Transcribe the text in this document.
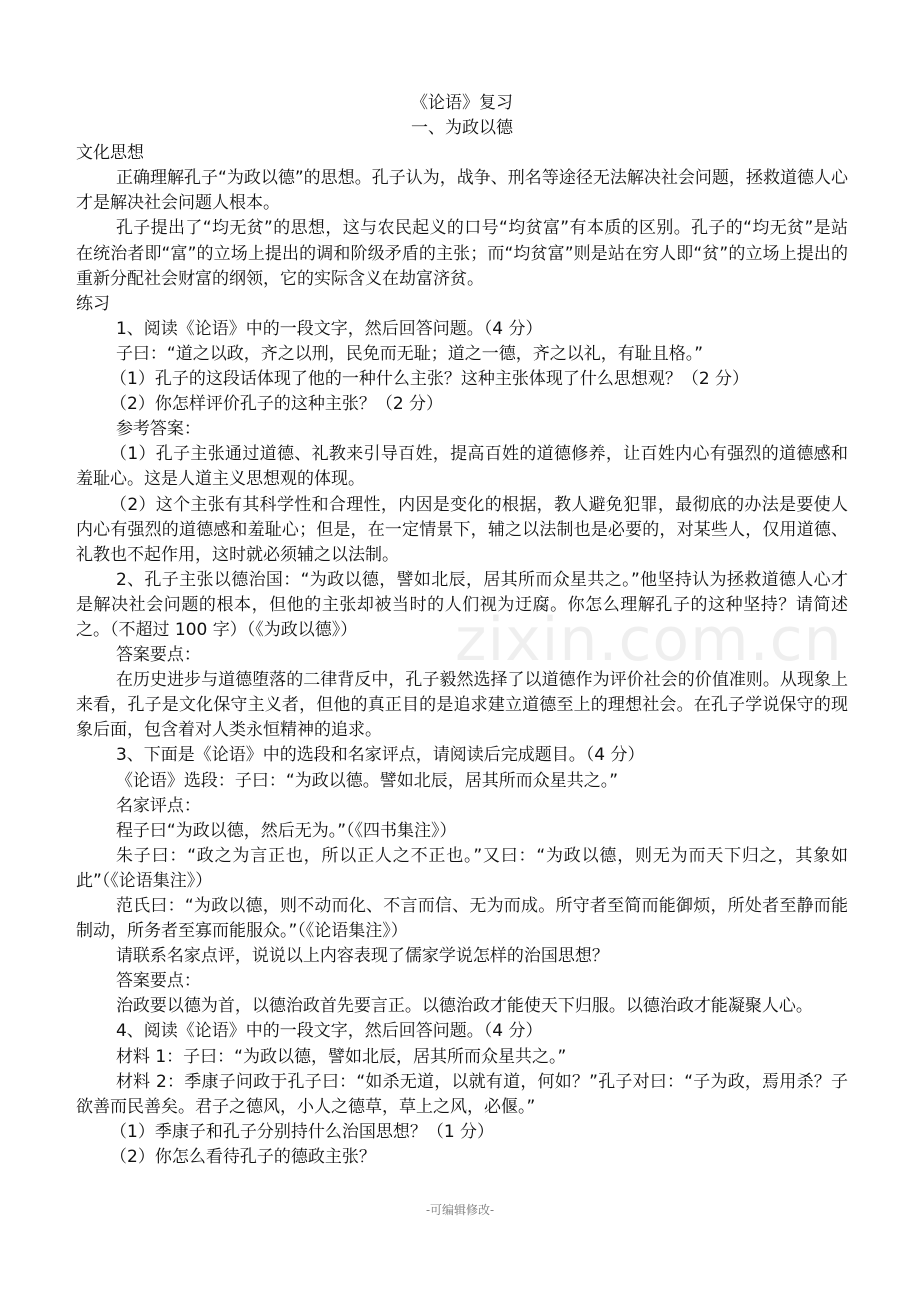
zixin.com.cn

《论语》复习

一、为政以德

文化思想

正确理解孔子“为政以德”的思想。孔子认为，战争、刑名等途径无法解决社会问题，拯救道德人心才是解决社会问题人根本。

孔子提出了“均无贫”的思想，这与农民起义的口号“均贫富”有本质的区别。孔子的“均无贫”是站在统治者即“富”的立场上提出的调和阶级矛盾的主张；而“均贫富”则是站在穷人即“贫”的立场上提出的重新分配社会财富的纲领，它的实际含义在劫富济贫。

练习

1、阅读《论语》中的一段文字，然后回答问题。（4 分）

子曰：“道之以政，齐之以刑，民免而无耻；道之一德，齐之以礼，有耻且格。”

（1）孔子的这段话体现了他的一种什么主张？这种主张体现了什么思想观？（2 分）

（2）你怎样评价孔子的这种主张？（2 分）

参考答案：

（1）孔子主张通过道德、礼教来引导百姓，提高百姓的道德修养，让百姓内心有强烈的道德感和羞耻心。这是人道主义思想观的体现。

（2）这个主张有其科学性和合理性，内因是变化的根据，教人避免犯罪，最彻底的办法是要使人内心有强烈的道德感和羞耻心；但是，在一定情景下，辅之以法制也是必要的，对某些人，仅用道德、礼教也不起作用，这时就必须辅之以法制。

2、孔子主张以德治国：“为政以德，譬如北辰，居其所而众星共之。”他坚持认为拯救道德人心才是解决社会问题的根本，但他的主张却被当时的人们视为迂腐。你怎么理解孔子的这种坚持？请简述之。（不超过 100 字）（《为政以德》）

答案要点：

在历史进步与道德堕落的二律背反中，孔子毅然选择了以道德作为评价社会的价值准则。从现象上来看，孔子是文化保守主义者，但他的真正目的是追求建立道德至上的理想社会。在孔子学说保守的现象后面，包含着对人类永恒精神的追求。

3、下面是《论语》中的选段和名家评点，请阅读后完成题目。（4 分）

《论语》选段：子曰：“为政以德。譬如北辰，居其所而众星共之。”

名家评点：

程子曰“为政以德，然后无为。”（《四书集注》）

朱子曰：“政之为言正也，所以正人之不正也。”又曰：“为政以德，则无为而天下归之，其象如此”（《论语集注》）

范氏曰：“为政以德，则不动而化、不言而信、无为而成。所守者至简而能御烦，所处者至静而能制动，所务者至寡而能服众。”（《论语集注》）

请联系名家点评，说说以上内容表现了儒家学说怎样的治国思想？

答案要点：

治政要以德为首，以德治政首先要言正。以德治政才能使天下归服。以德治政才能凝聚人心。

4、阅读《论语》中的一段文字，然后回答问题。（4 分）

材料 1：子曰：“为政以德，譬如北辰，居其所而众星共之。”

材料 2：季康子问政于孔子曰：“如杀无道，以就有道，何如？”孔子对曰：“子为政，焉用杀？子欲善而民善矣。君子之德风，小人之德草，草上之风，必偃。”

（1）季康子和孔子分别持什么治国思想？（1 分）

（2）你怎么看待孔子的德政主张？

-可编辑修改-
